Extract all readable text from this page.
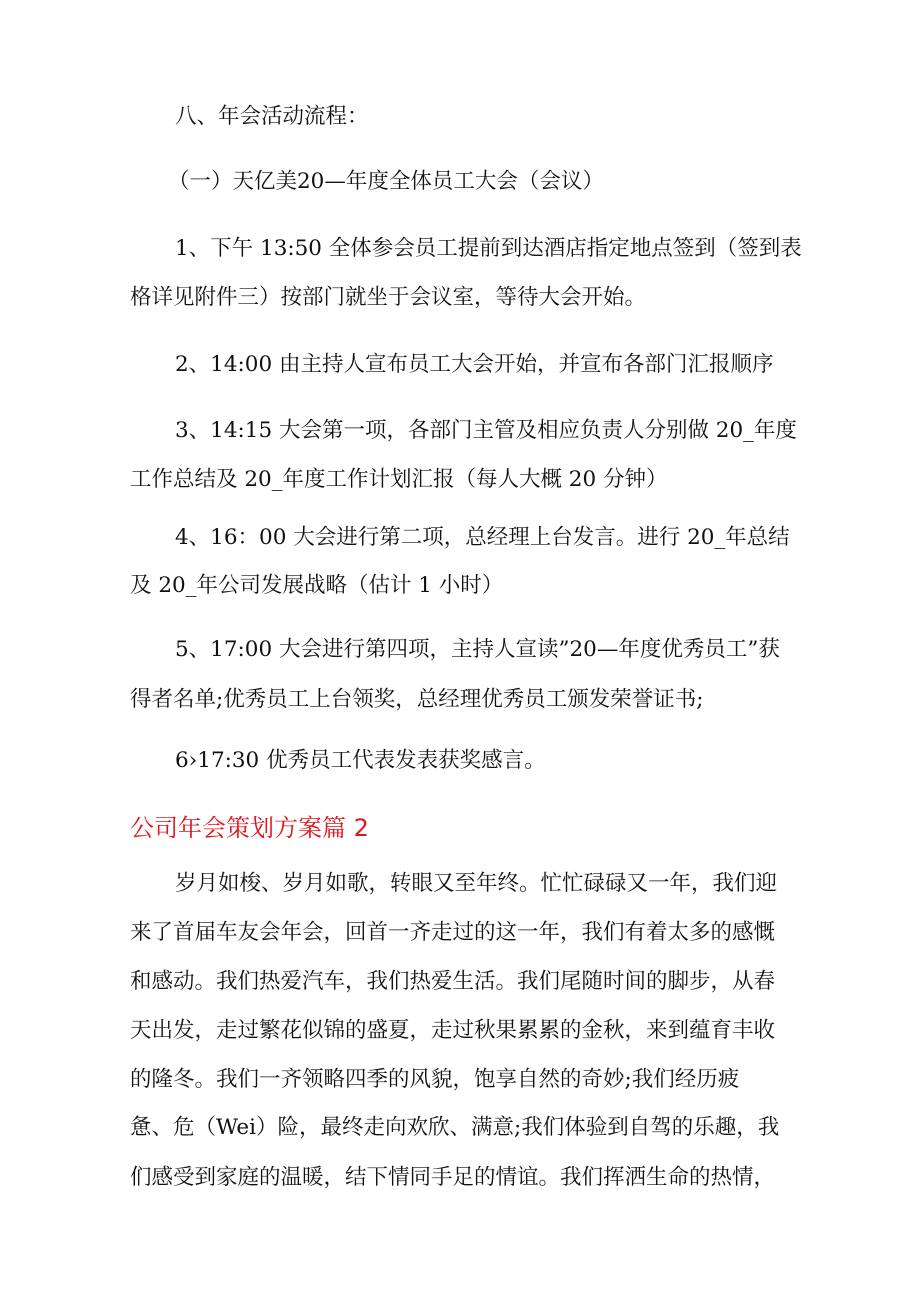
八、年会活动流程：
（一）天亿美20—年度全体员工大会（会议）
1、下午 13:50 全体参会员工提前到达酒店指定地点签到（签到表
格详见附件三）按部门就坐于会议室，等待大会开始。
2、14:00 由主持人宣布员工大会开始，并宣布各部门汇报顺序
3、14:15 大会第一项，各部门主管及相应负责人分别做 20_年度
工作总结及 20_年度工作计划汇报（每人大概 20 分钟）
4、16：00 大会进行第二项，总经理上台发言。进行 20_年总结
及 20_年公司发展战略（估计 1 小时）
5、17:00 大会进行第四项，主持人宣读”20—年度优秀员工”获
得者名单;优秀员工上台领奖，总经理优秀员工颁发荣誉证书;
6›17:30 优秀员工代表发表获奖感言。
公司年会策划方案篇 2
岁月如梭、岁月如歌，转眼又至年终。忙忙碌碌又一年，我们迎
来了首届车友会年会，回首一齐走过的这一年，我们有着太多的感慨
和感动。我们热爱汽车，我们热爱生活。我们尾随时间的脚步，从春
天出发，走过繁花似锦的盛夏，走过秋果累累的金秋，来到蕴育丰收
的隆冬。我们一齐领略四季的风貌，饱享自然的奇妙;我们经历疲
惫、危（Wei）险，最终走向欢欣、满意;我们体验到自驾的乐趣，我
们感受到家庭的温暖，结下情同手足的情谊。我们挥洒生命的热情，
